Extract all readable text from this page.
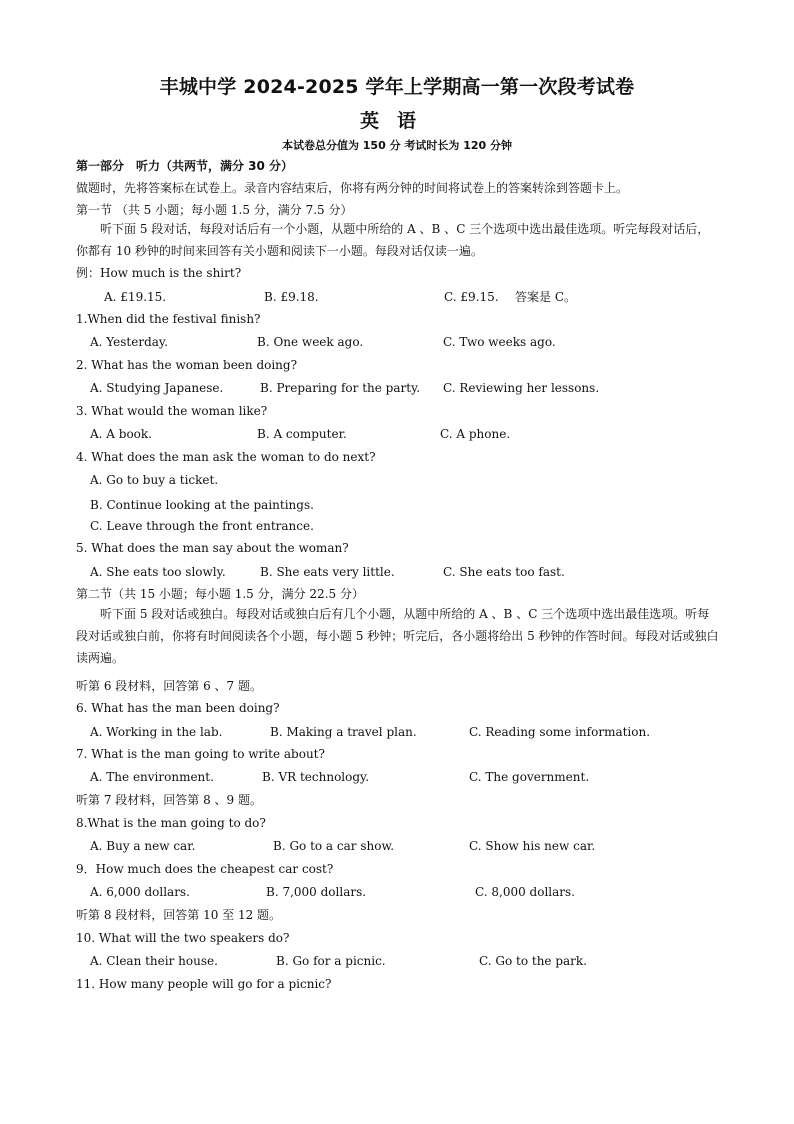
丰城中学 2024-2025 学年上学期高一第一次段考试卷
英语
本试卷总分值为 150 分 考试时长为 120 分钟
第一部分　听力（共两节，满分 30 分）
做题时，先将答案标在试卷上。录音内容结束后，你将有两分钟的时间将试卷上的答案转涂到答题卡上。
第一节 （共 5 小题；每小题 1.5 分，满分 7.5 分）
听下面 5 段对话，每段对话后有一个小题，从题中所给的 A 、B 、C 三个选项中选出最佳选项。听完每段对话后，你都有 10 秒钟的时间来回答有关小题和阅读下一小题。每段对话仅读一遍。
例：How much is the shirt?
A. £19.15.	B. £9.18.	C. £9.15. 答案是 C。
1.When did the festival finish?
A. Yesterday.	B. One week ago.	C. Two weeks ago.
2. What has the woman been doing?
A. Studying Japanese.	B. Preparing for the party. C. Reviewing her lessons.
3. What would the woman like?
A. A book.	B. A computer.	C. A phone.
4. What does the man ask the woman to do next?
A. Go to buy a ticket.
B. Continue looking at the paintings.
C. Leave through the front entrance.
5. What does the man say about the woman?
A. She eats too slowly.	B. She eats very little.	C. She eats too fast.
第二节（共 15 小题；每小题 1.5 分，满分 22.5 分）
听下面 5 段对话或独白。每段对话或独白后有几个小题，从题中所给的 A 、B 、C 三个选项中选出最佳选项。听每段对话或独白前，你将有时间阅读各个小题，每小题 5 秒钟；听完后，各小题将给出 5 秒钟的作答时间。每段对话或独白读两遍。
听第 6 段材料，回答第 6 、7 题。
6. What has the man been doing?
A. Working in the lab.	B. Making a travel plan.	C. Reading some information.
7. What is the man going to write about?
A. The environment.	B. VR technology.	C. The government.
听第 7 段材料，回答第 8 、9 题。
8.What is the man going to do?
A. Buy a new car.	B. Go to a car show.	C. Show his new car.
9．How much does the cheapest car cost?
A. 6,000 dollars.	B. 7,000 dollars.	C. 8,000 dollars.
听第 8 段材料，回答第 10 至 12 题。
10. What will the two speakers do?
A. Clean their house.	B. Go for a picnic.	C. Go to the park.
11. How many people will go for a picnic?
